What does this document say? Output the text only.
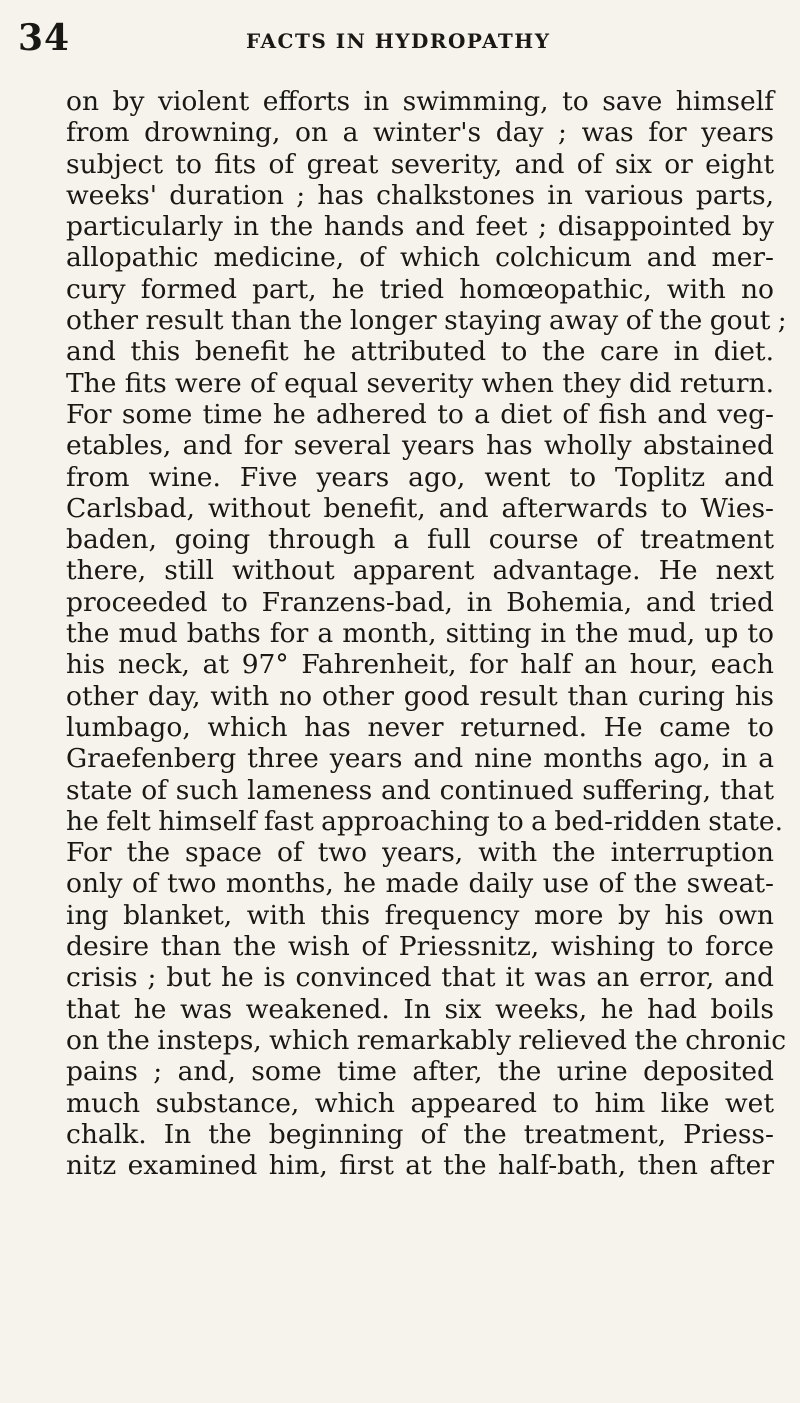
34	FACTS IN HYDROPATHY
on by violent efforts in swimming, to save himself
from drowning, on a winter's day ; was for years
subject to fits of great severity, and of six or eight
weeks' duration ; has chalkstones in various parts,
particularly in the hands and feet ; disappointed by
allopathic medicine, of which colchicum and mer-
cury formed part, he tried homœopathic, with no
other result than the longer staying away of the gout ;
and this benefit he attributed to the care in diet.
The fits were of equal severity when they did return.
For some time he adhered to a diet of fish and veg-
etables, and for several years has wholly abstained
from wine. Five years ago, went to Toplitz and
Carlsbad, without benefit, and afterwards to Wies-
baden, going through a full course of treatment
there, still without apparent advantage. He next
proceeded to Franzens-bad, in Bohemia, and tried
the mud baths for a month, sitting in the mud, up to
his neck, at 97° Fahrenheit, for half an hour, each
other day, with no other good result than curing his
lumbago, which has never returned. He came to
Graefenberg three years and nine months ago, in a
state of such lameness and continued suffering, that
he felt himself fast approaching to a bed-ridden state.
For the space of two years, with the interruption
only of two months, he made daily use of the sweat-
ing blanket, with this frequency more by his own
desire than the wish of Priessnitz, wishing to force
crisis ; but he is convinced that it was an error, and
that he was weakened. In six weeks, he had boils
on the insteps, which remarkably relieved the chronic
pains ; and, some time after, the urine deposited
much substance, which appeared to him like wet
chalk. In the beginning of the treatment, Priess-
nitz examined him, first at the half-bath, then after
